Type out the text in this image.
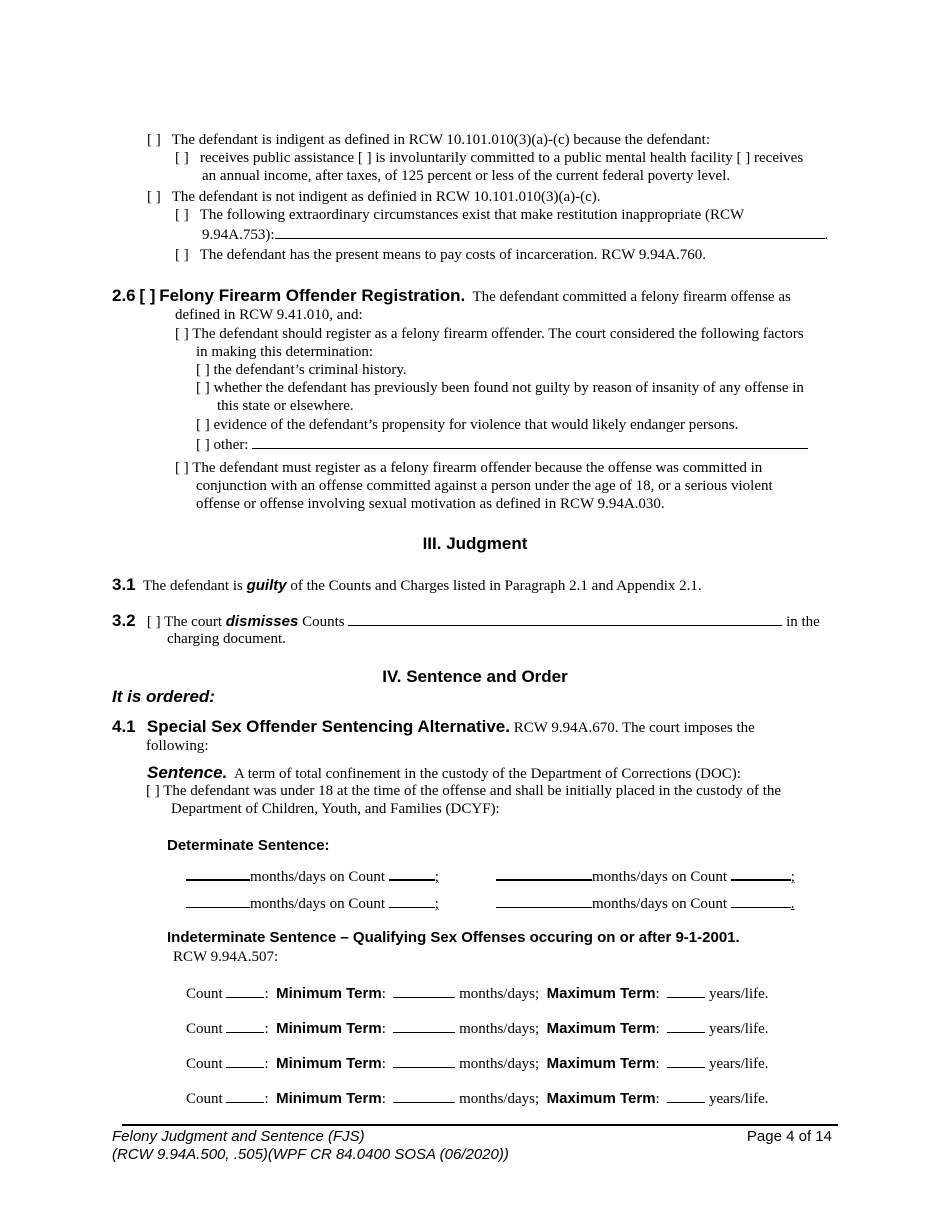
[ ] The defendant is indigent as defined in RCW 10.101.010(3)(a)-(c) because the defendant:
[ ] receives public assistance [ ] is involuntarily committed to a public mental health facility [ ] receives
an annual income, after taxes, of 125 percent or less of the current federal poverty level.
[ ] The defendant is not indigent as definied in RCW 10.101.010(3)(a)-(c).
[ ] The following extraordinary circumstances exist that make restitution inappropriate (RCW
9.94A.753):	.
[ ] The defendant has the present means to pay costs of incarceration. RCW 9.94A.760.
2.6 [ ] Felony Firearm Offender Registration. The defendant committed a felony firearm offense as
defined in RCW 9.41.010, and:
[ ] The defendant should register as a felony firearm offender. The court considered the following factors
in making this determination:
[ ] the defendant’s criminal history.
[ ] whether the defendant has previously been found not guilty by reason of insanity of any offense in
this state or elsewhere.
[ ] evidence of the defendant’s propensity for violence that would likely endanger persons.
[ ] other:
[ ] The defendant must register as a felony firearm offender because the offense was committed in
conjunction with an offense committed against a person under the age of 18, or a serious violent
offense or offense involving sexual motivation as defined in RCW 9.94A.030.
III. Judgment
3.1 The defendant is guilty of the Counts and Charges listed in Paragraph 2.1 and Appendix 2.1.
3.2 [ ] The court dismisses Counts	in the
charging document.
IV. Sentence and Order
It is ordered:
4.1 Special Sex Offender Sentencing Alternative. RCW 9.94A.670. The court imposes the
following:
Sentence. A term of total confinement in the custody of the Department of Corrections (DOC):
[ ] The defendant was under 18 at the time of the offense and shall be initially placed in the custody of the
Department of Children, Youth, and Families (DCYF):
Determinate Sentence:
months/days on Count	;	months/days on Count	;
months/days on Count	;	months/days on Count	.
Indeterminate Sentence – Qualifying Sex Offenses occuring on or after 9-1-2001.
RCW 9.94A.507:
Count	: Minimum Term:	months/days; Maximum Term:	years/life.
Count	: Minimum Term:	months/days; Maximum Term:	years/life.
Count	: Minimum Term:	months/days; Maximum Term:	years/life.
Count	: Minimum Term:	months/days; Maximum Term:	years/life.
Felony Judgment and Sentence (FJS)
(RCW 9.94A.500, .505)(WPF CR 84.0400 SOSA (06/2020))
Page 4 of 14
